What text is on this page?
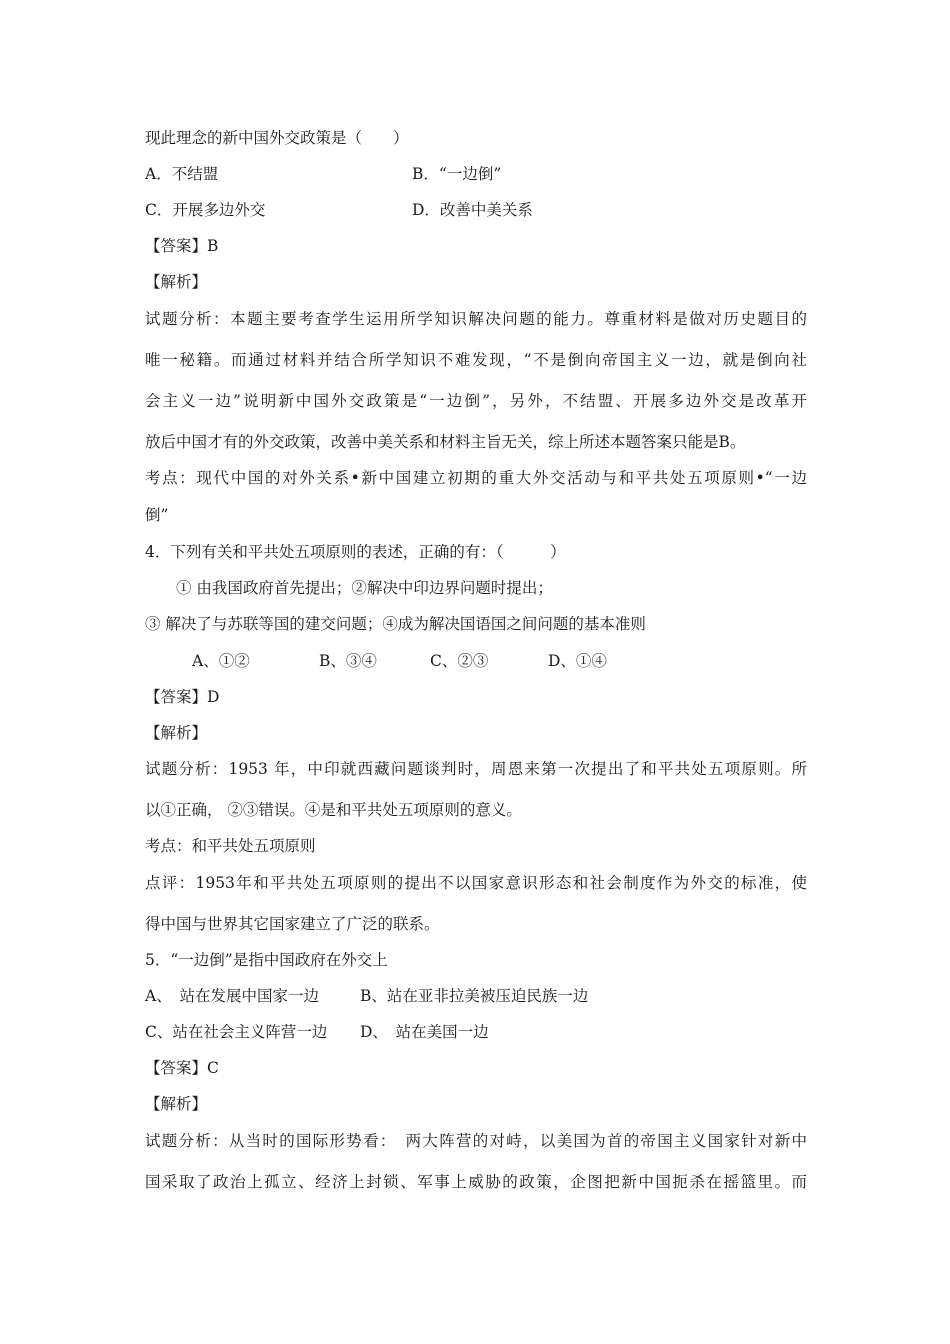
现此理念的新中国外交政策是（　　）
A．不结盟	B．“一边倒”
C．开展多边外交	D．改善中美关系
【答案】B
【解析】
试题分析：本题主要考查学生运用所学知识解决问题的能力。尊重材料是做对历史题目的
唯一秘籍。而通过材料并结合所学知识不难发现，“不是倒向帝国主义一边，就是倒向社
会主义一边”说明新中国外交政策是“一边倒”，另外，不结盟、开展多边外交是改革开
放后中国才有的外交政策，改善中美关系和材料主旨无关，综上所述本题答案只能是B。
考点：现代中国的对外关系•新中国建立初期的重大外交活动与和平共处五项原则•“一边
倒”
4．下列有关和平共处五项原则的表述，正确的有：（　　　）
① 由我国政府首先提出；②解决中印边界问题时提出；
③ 解决了与苏联等国的建交问题；④成为解决国语国之间问题的基本准则
A、①②	B、③④	C、②③	D、①④
【答案】D
【解析】
试题分析：1953 年，中印就西藏问题谈判时，周恩来第一次提出了和平共处五项原则。所
以①正确， ②③错误。④是和平共处五项原则的意义。
考点：和平共处五项原则
点评：1953年和平共处五项原则的提出不以国家意识形态和社会制度作为外交的标准，使
得中国与世界其它国家建立了广泛的联系。
5．“一边倒”是指中国政府在外交上
A、　站在发展中国家一边	B、站在亚非拉美被压迫民族一边
C、站在社会主义阵营一边 D、　站在美国一边
【答案】C
【解析】
试题分析：从当时的国际形势看：　两大阵营的对峙，以美国为首的帝国主义国家针对新中
国采取了政治上孤立、经济上封锁、军事上威胁的政策，企图把新中国扼杀在摇篮里。而
